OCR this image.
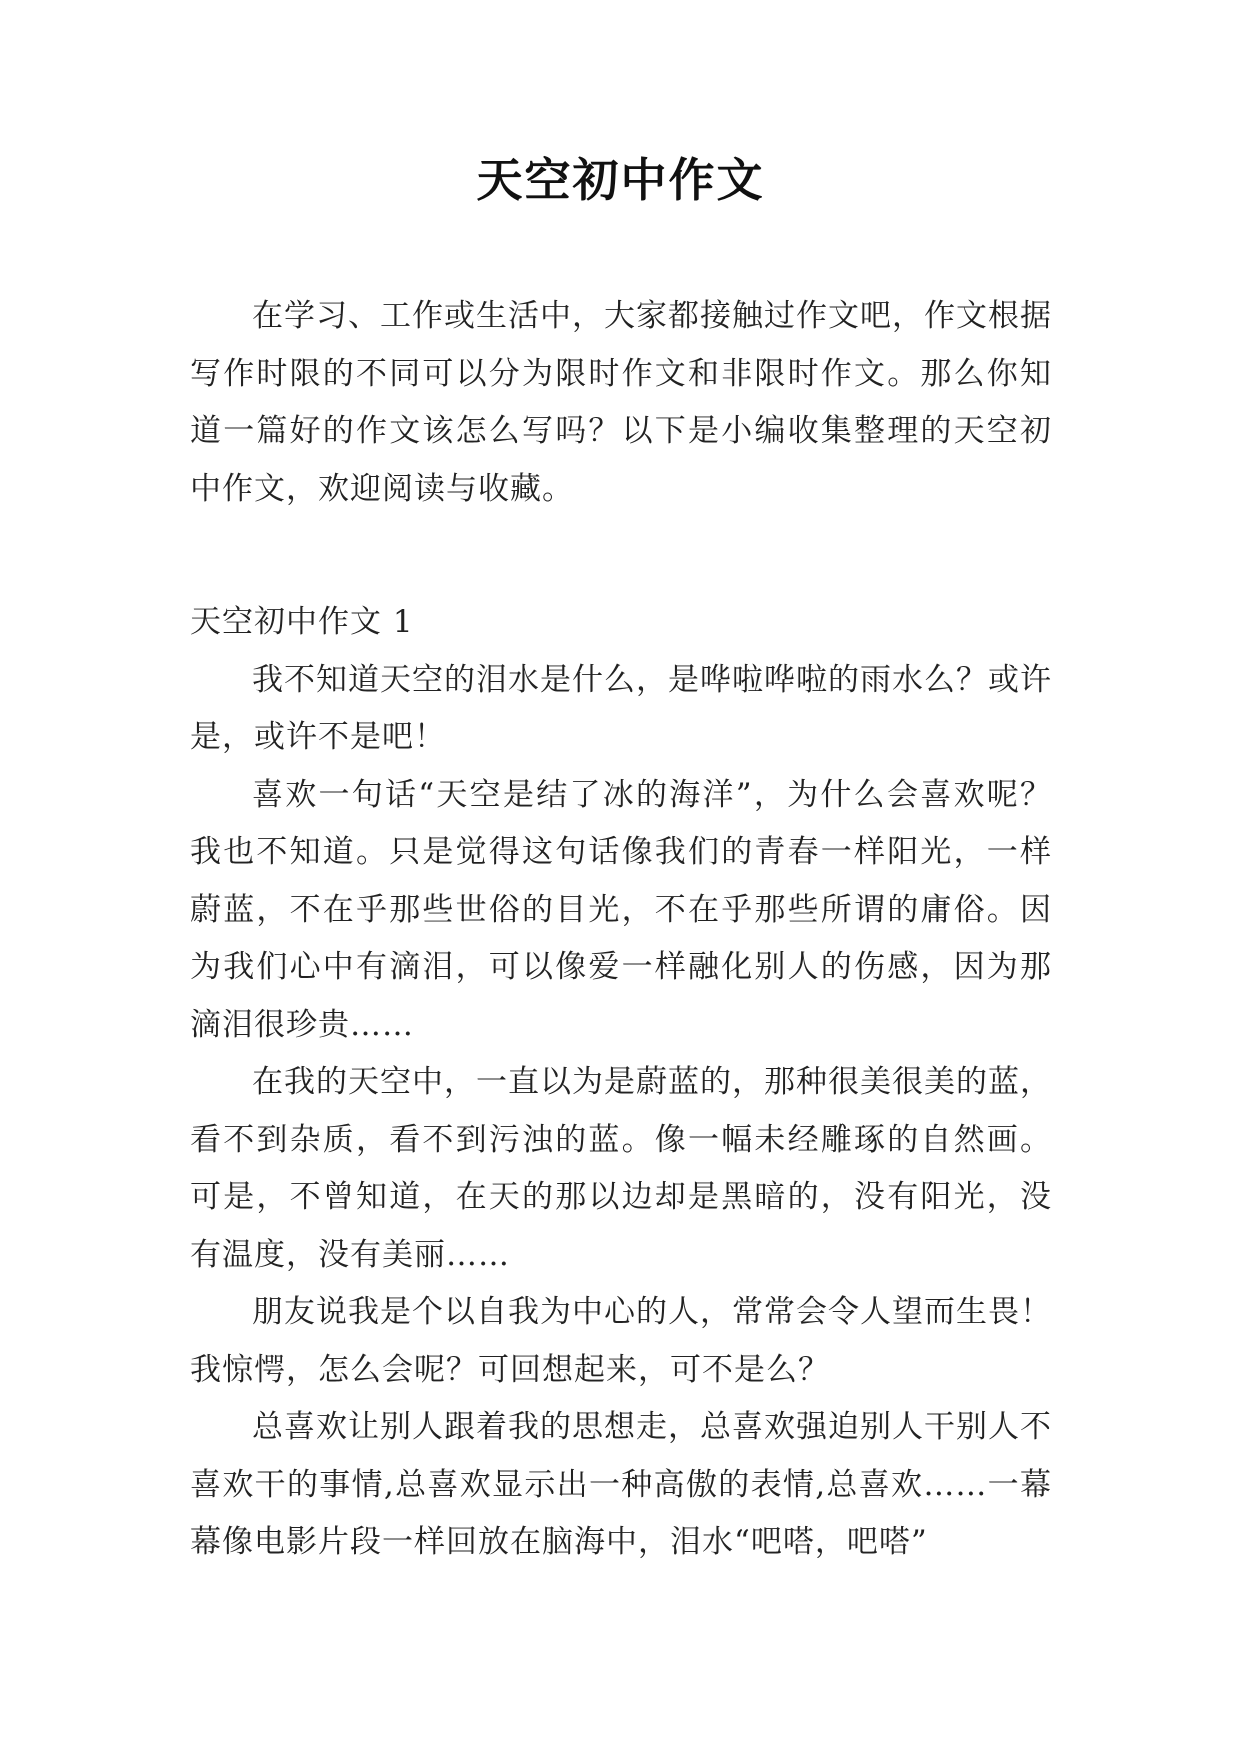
天空初中作文

在学习、工作或生活中，大家都接触过作文吧，作文根据写作时限的不同可以分为限时作文和非限时作文。那么你知道一篇好的作文该怎么写吗？以下是小编收集整理的天空初中作文，欢迎阅读与收藏。

天空初中作文 1

我不知道天空的泪水是什么，是哗啦哗啦的雨水么？或许是，或许不是吧！

喜欢一句话“天空是结了冰的海洋”，为什么会喜欢呢？我也不知道。只是觉得这句话像我们的青春一样阳光，一样蔚蓝，不在乎那些世俗的目光，不在乎那些所谓的庸俗。因为我们心中有滴泪，可以像爱一样融化别人的伤感，因为那滴泪很珍贵……

在我的天空中，一直以为是蔚蓝的，那种很美很美的蓝，看不到杂质，看不到污浊的蓝。像一幅未经雕琢的自然画。可是，不曾知道，在天的那以边却是黑暗的，没有阳光，没有温度，没有美丽……

朋友说我是个以自我为中心的人，常常会令人望而生畏！我惊愕，怎么会呢？可回想起来，可不是么？

总喜欢让别人跟着我的思想走，总喜欢强迫别人干别人不喜欢干的事情,总喜欢显示出一种高傲的表情,总喜欢……一幕幕像电影片段一样回放在脑海中，泪水“吧嗒，吧嗒”
